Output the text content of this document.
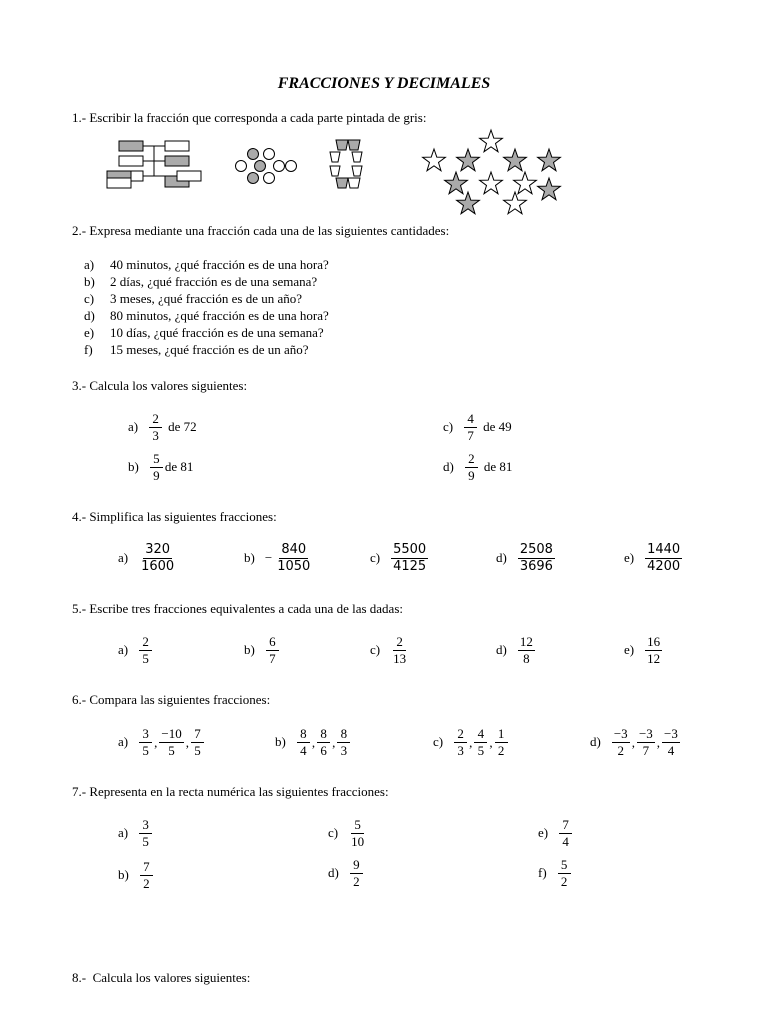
FRACCIONES Y DECIMALES
1.- Escribir la fracción que corresponda a cada parte pintada de gris:
2.- Expresa mediante una fracción cada una de las siguientes cantidades:
a) 40 minutos, ¿qué fracción es de una hora?
b) 2 días, ¿qué fracción es de una semana?
c) 3 meses, ¿qué fracción es de un año?
d) 80 minutos, ¿qué fracción es de una hora?
e) 10 días, ¿qué fracción es de una semana?
f) 15 meses, ¿qué fracción es de un año?
3.- Calcula los valores siguientes:
$a) \frac{2}{3}$ de 72	$c) \frac{4}{7}$ de 49
$b) \frac{5}{9}$ de 81	$d) \frac{2}{9}$ de 81
4.- Simplifica las siguientes fracciones:
$a) \frac{320}{1600}$	$b) - \frac{840}{1050}$	$c) \frac{5500}{4125}$	$d) \frac{2508}{3696}$	$e) \frac{1440}{4200}$
5.- Escribe tres fracciones equivalentes a cada una de las dadas:
$a) \frac{2}{5}$	$b) \frac{6}{7}$	$c) \frac{2}{13}$	$d) \frac{12}{8}$	$e) \frac{16}{12}$
6.- Compara las siguientes fracciones:
$a) \frac{3}{5}$ , $\frac{-10}{5}$ , $\frac{7}{5}$	$b) \frac{8}{4}$ , $\frac{8}{6}$ , $\frac{8}{3}$	$c) \frac{2}{3}$ , $\frac{4}{5}$ , $\frac{1}{2}$	$d) \frac{-3}{2}$ , $\frac{-3}{7}$ , $\frac{-3}{4}$
7.- Representa en la recta numérica las siguientes fracciones:
$a) \frac{3}{5}$	$c) \frac{5}{10}$	$e) \frac{7}{4}$
$b) \frac{7}{2}$	$d) \frac{9}{2}$	$f) \frac{5}{2}$
8.-  Calcula los valores siguientes:
